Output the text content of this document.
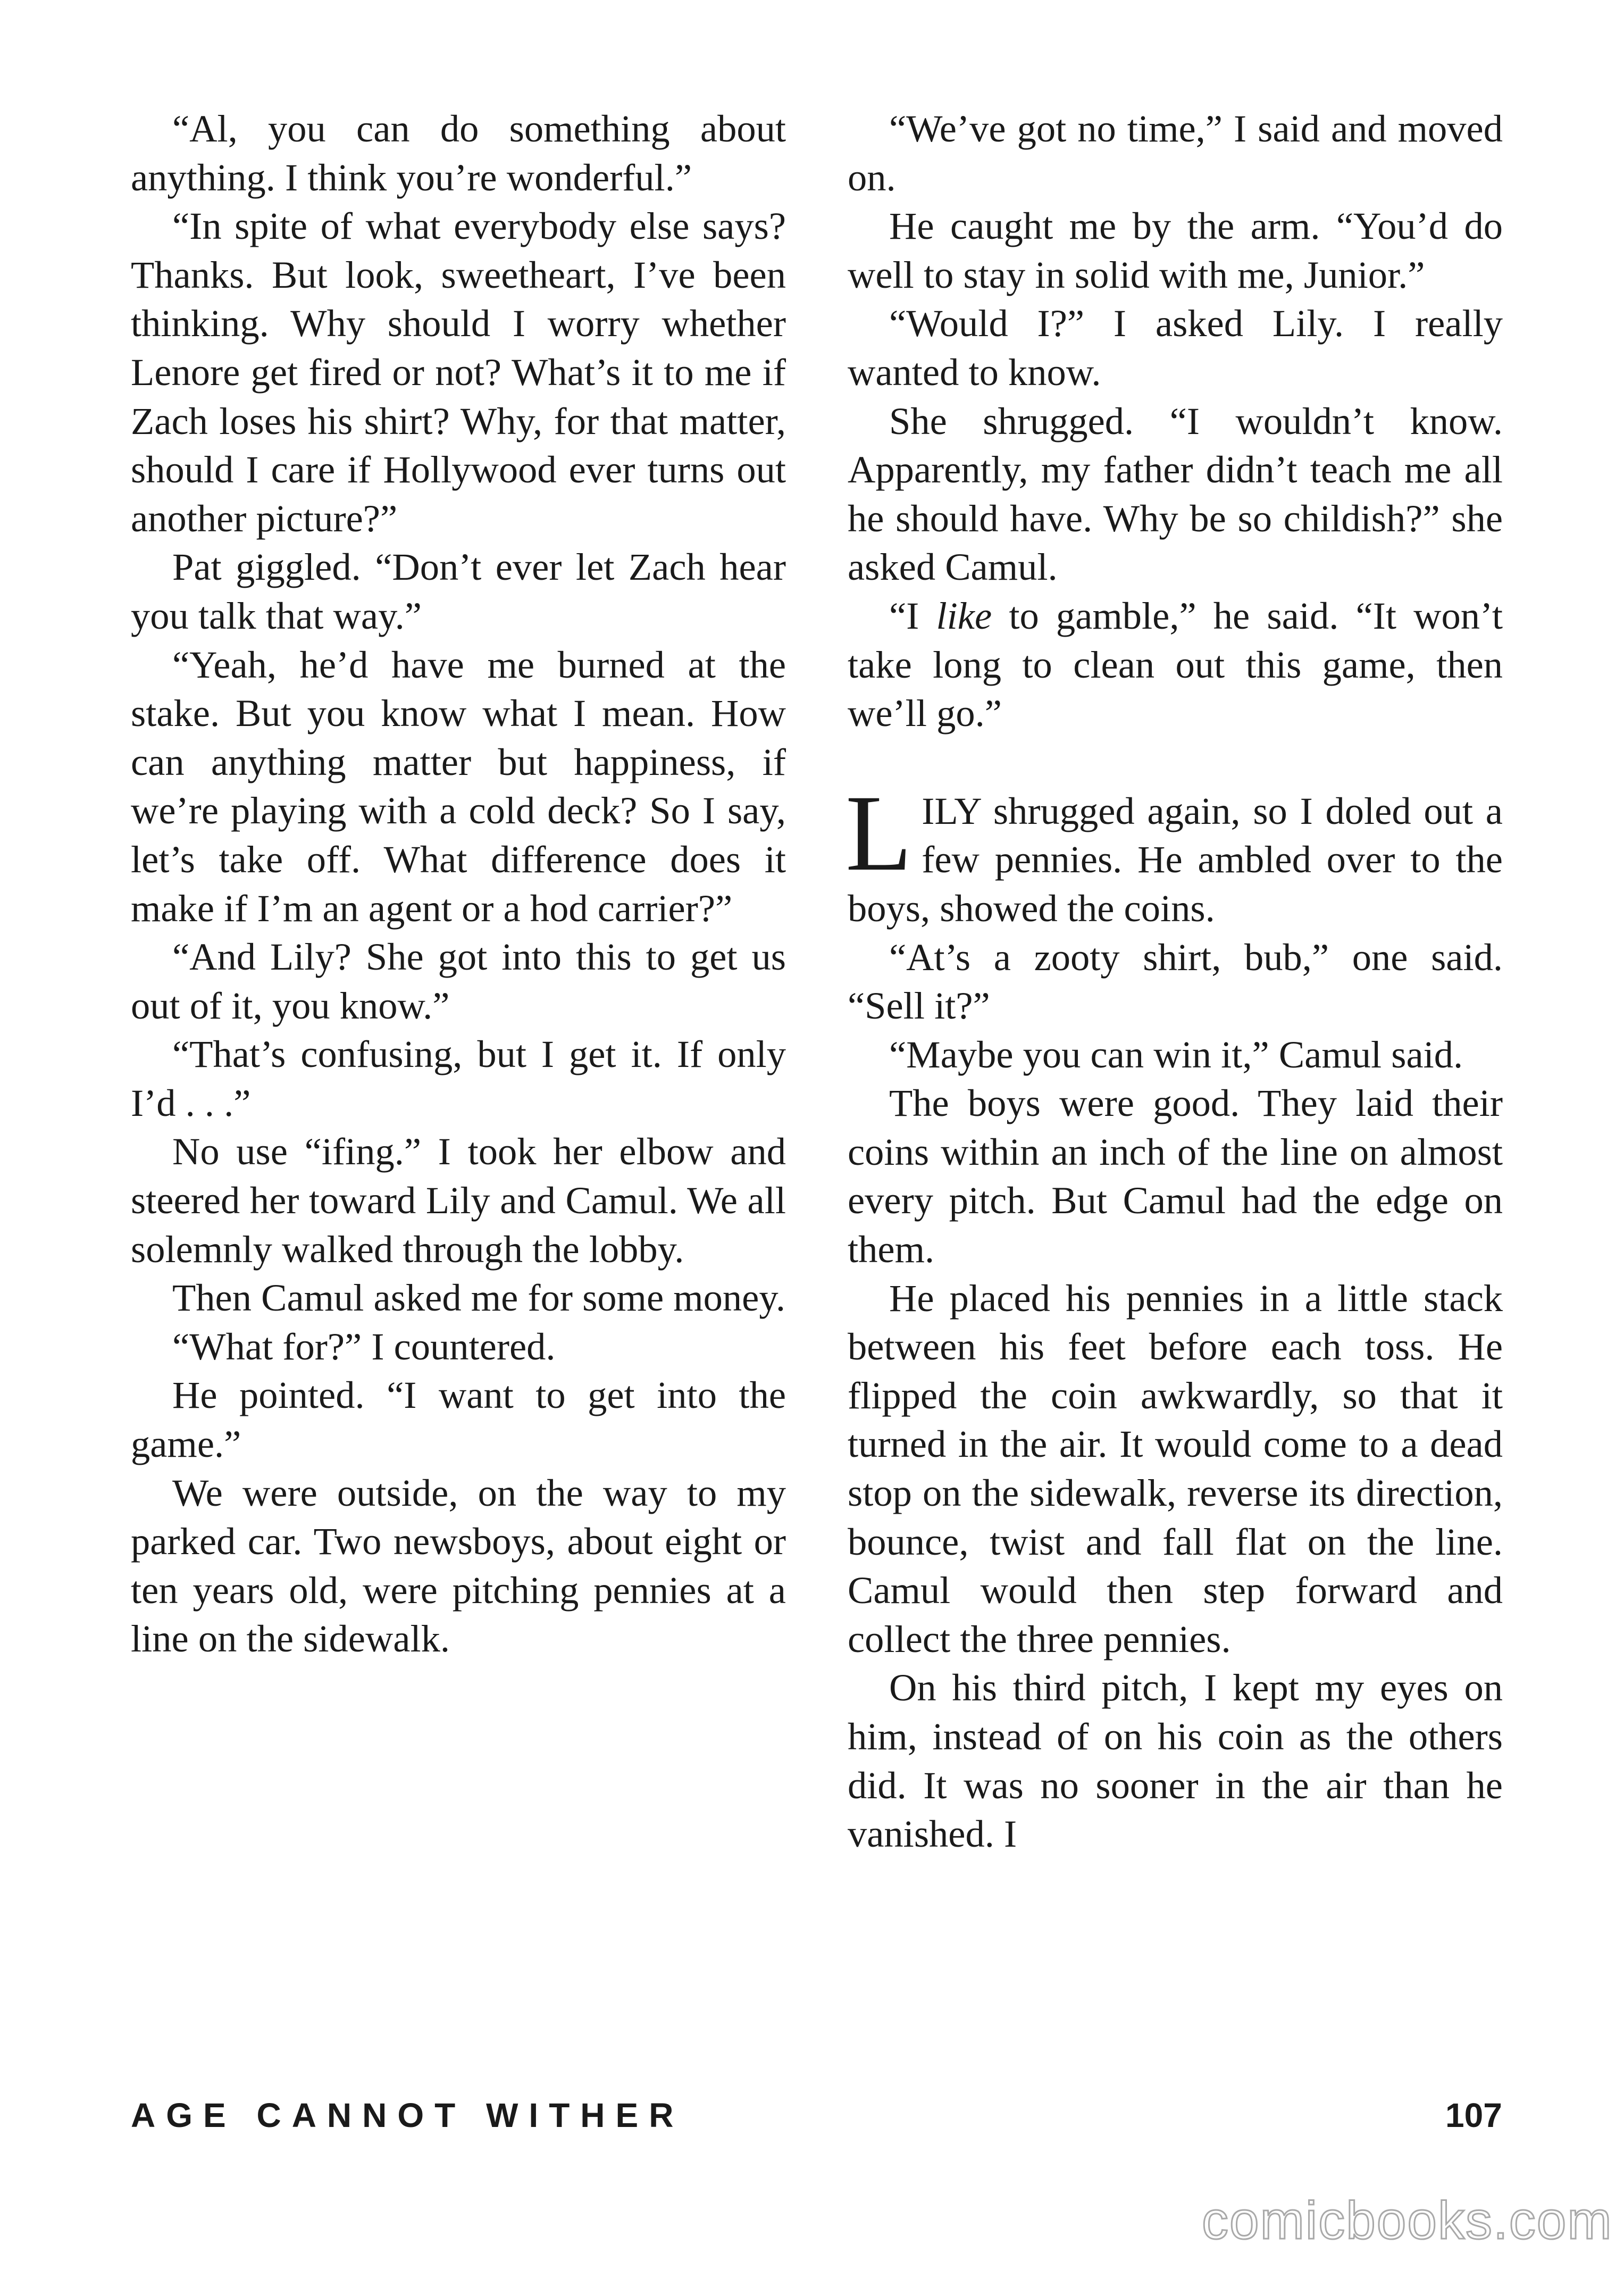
“Al, you can do something about anything. I think you’re wonderful.”

“In spite of what everybody else says? Thanks. But look, sweetheart, I’ve been thinking. Why should I worry whether Lenore get fired or not? What’s it to me if Zach loses his shirt? Why, for that matter, should I care if Hollywood ever turns out another picture?”

Pat giggled. “Don’t ever let Zach hear you talk that way.”

“Yeah, he’d have me burned at the stake. But you know what I mean. How can anything matter but happiness, if we’re playing with a cold deck? So I say, let’s take off. What difference does it make if I’m an agent or a hod carrier?”

“And Lily? She got into this to get us out of it, you know.”

“That’s confusing, but I get it. If only I’d . . .”

No use “ifing.” I took her elbow and steered her toward Lily and Camul. We all solemnly walked through the lobby.

Then Camul asked me for some money.

“What for?” I countered.

He pointed. “I want to get into the game.”

We were outside, on the way to my parked car. Two newsboys, about eight or ten years old, were pitching pennies at a line on the sidewalk.

“We’ve got no time,” I said and moved on.

He caught me by the arm. “You’d do well to stay in solid with me, Junior.”

“Would I?” I asked Lily. I really wanted to know.

She shrugged. “I wouldn’t know. Apparently, my father didn’t teach me all he should have. Why be so childish?” she asked Camul.

“I like to gamble,” he said. “It won’t take long to clean out this game, then we’ll go.”

LILY shrugged again, so I doled out a few pennies. He ambled over to the boys, showed the coins.

“At’s a zooty shirt, bub,” one said. “Sell it?”

“Maybe you can win it,” Camul said.

The boys were good. They laid their coins within an inch of the line on almost every pitch. But Camul had the edge on them.

He placed his pennies in a little stack between his feet before each toss. He flipped the coin awkwardly, so that it turned in the air. It would come to a dead stop on the sidewalk, reverse its direction, bounce, twist and fall flat on the line. Camul would then step forward and collect the three pennies.

On his third pitch, I kept my eyes on him, instead of on his coin as the others did. It was no sooner in the air than he vanished. I

AGE CANNOT WITHER	107
comicbooks.com
